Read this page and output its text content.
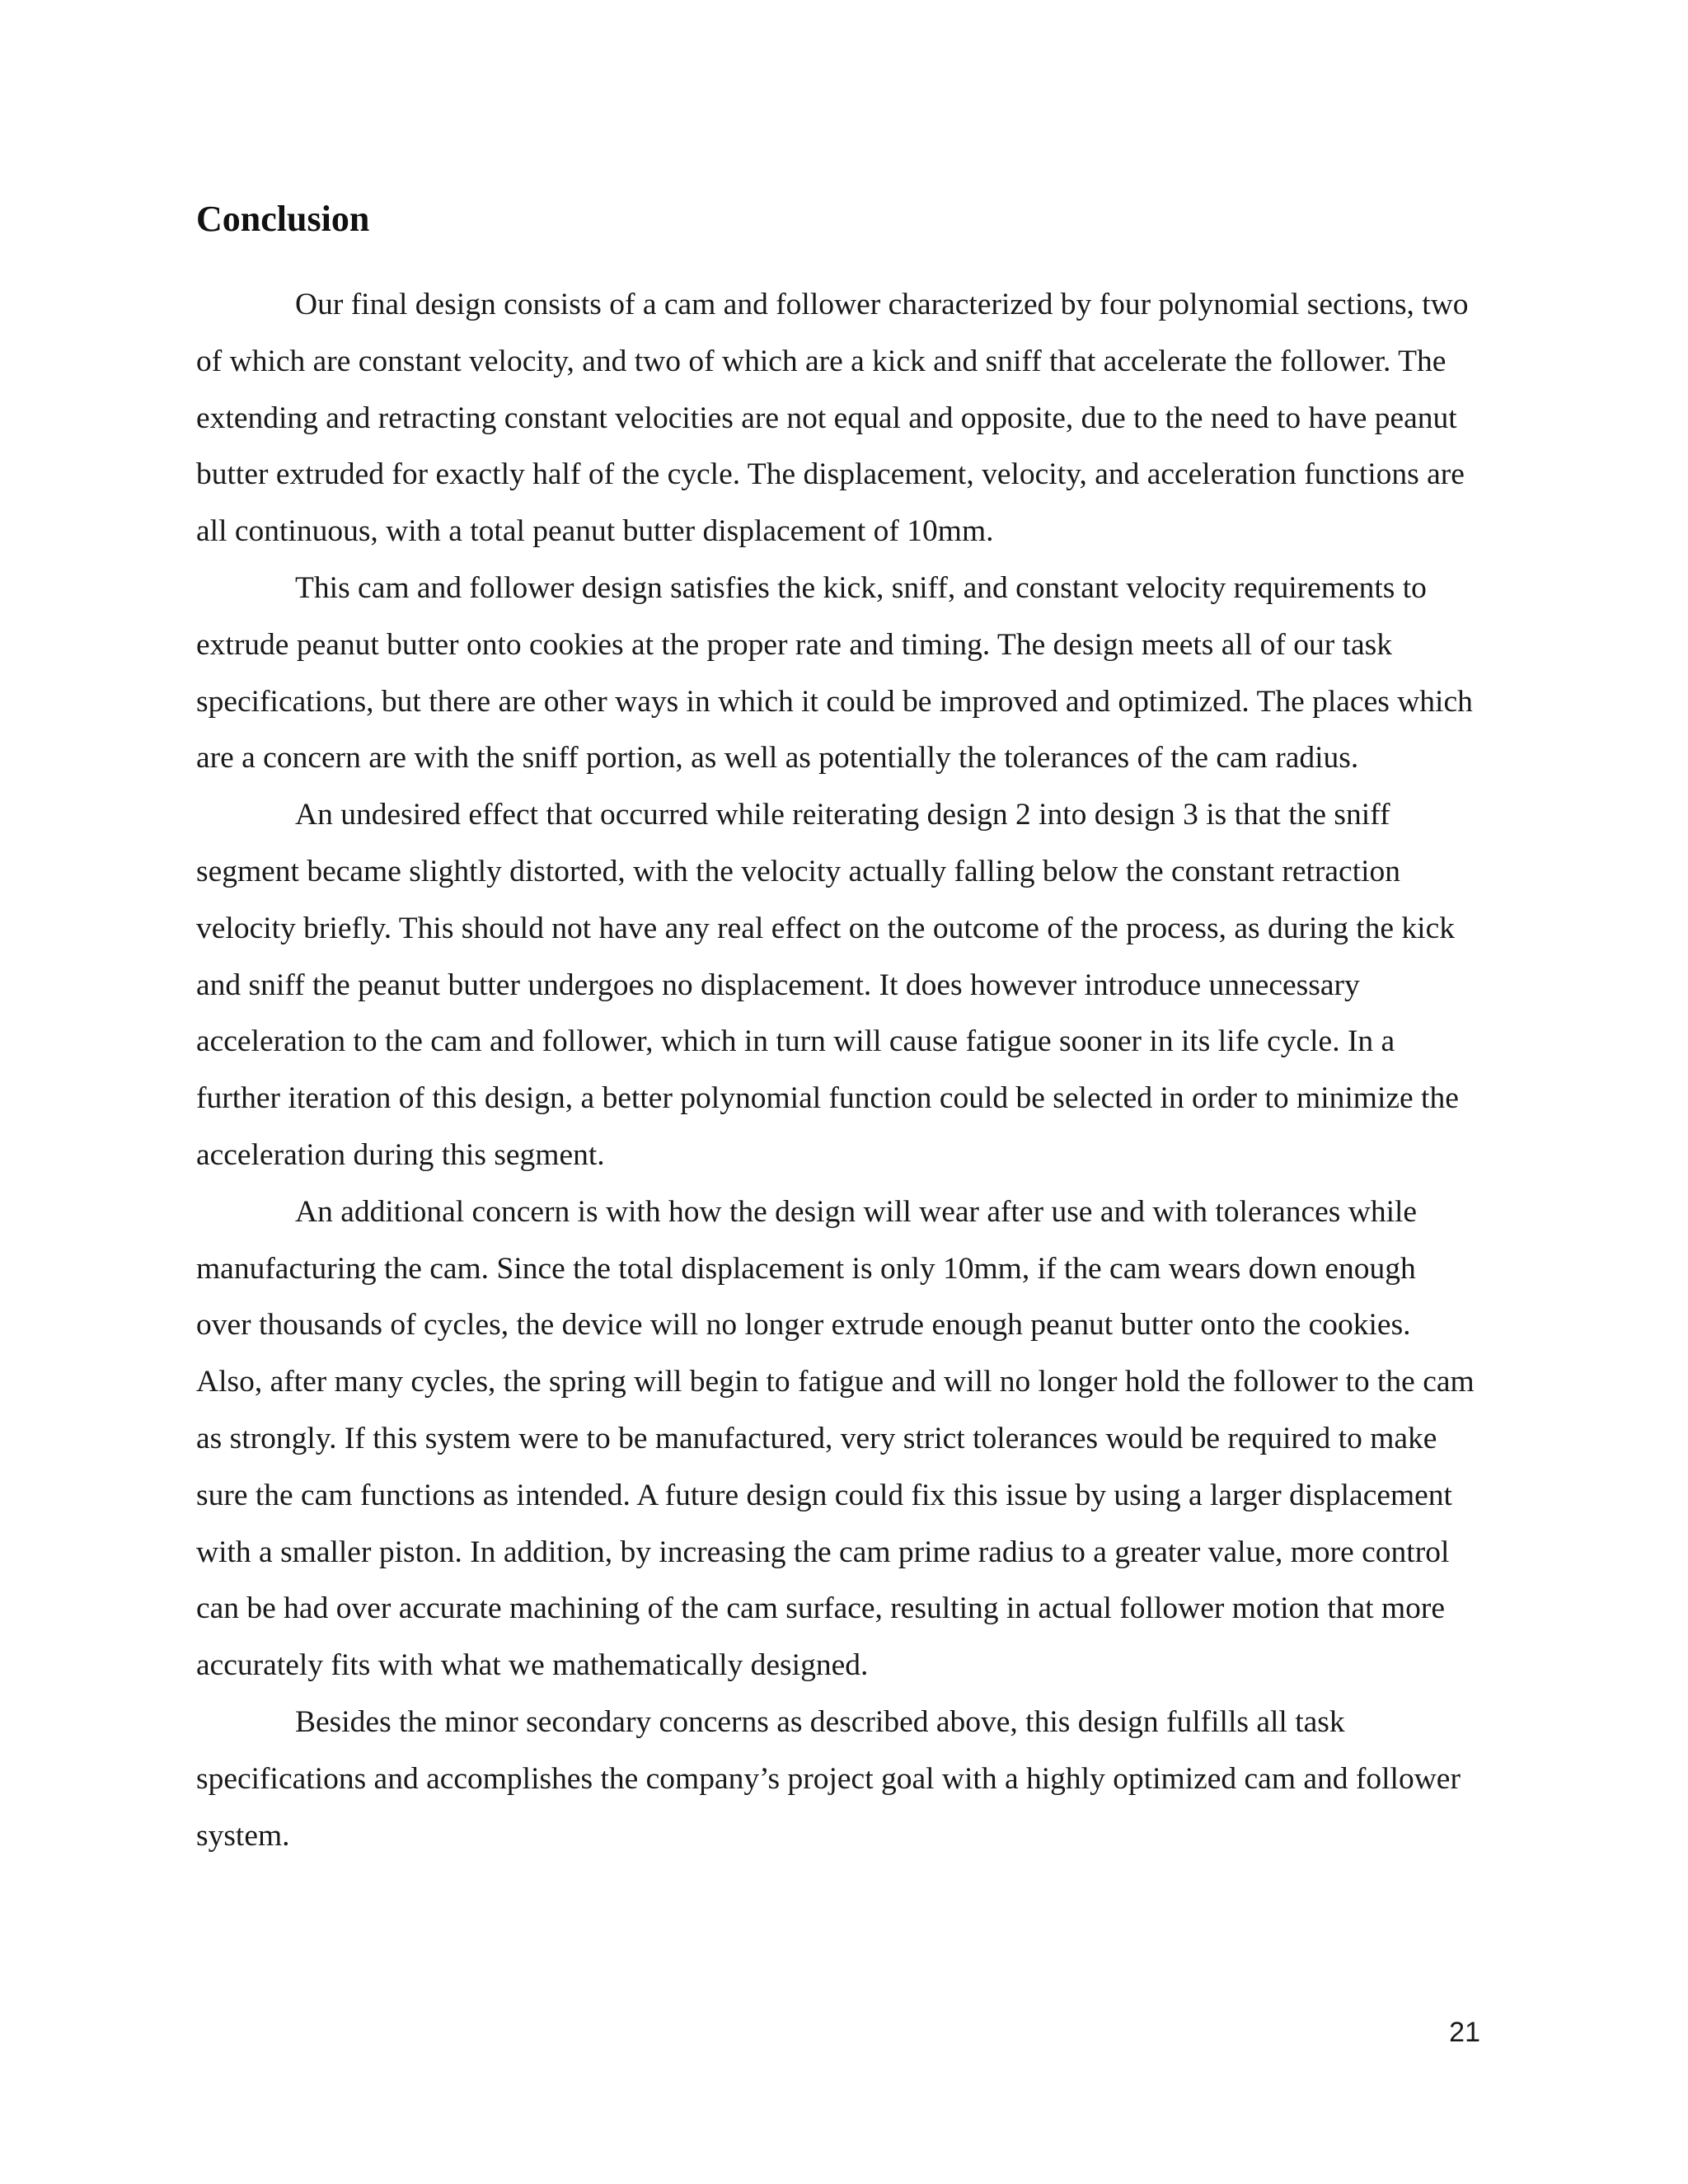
Conclusion

Our final design consists of a cam and follower characterized by four polynomial sections, two of which are constant velocity, and two of which are a kick and sniff that accelerate the follower. The extending and retracting constant velocities are not equal and opposite, due to the need to have peanut butter extruded for exactly half of the cycle. The displacement, velocity, and acceleration functions are all continuous, with a total peanut butter displacement of 10mm.

This cam and follower design satisfies the kick, sniff, and constant velocity requirements to extrude peanut butter onto cookies at the proper rate and timing. The design meets all of our task specifications, but there are other ways in which it could be improved and optimized. The places which are a concern are with the sniff portion, as well as potentially the tolerances of the cam radius.

An undesired effect that occurred while reiterating design 2 into design 3 is that the sniff segment became slightly distorted, with the velocity actually falling below the constant retraction velocity briefly. This should not have any real effect on the outcome of the process, as during the kick and sniff the peanut butter undergoes no displacement. It does however introduce unnecessary acceleration to the cam and follower, which in turn will cause fatigue sooner in its life cycle. In a further iteration of this design, a better polynomial function could be selected in order to minimize the acceleration during this segment.

An additional concern is with how the design will wear after use and with tolerances while manufacturing the cam. Since the total displacement is only 10mm, if the cam wears down enough over thousands of cycles, the device will no longer extrude enough peanut butter onto the cookies. Also, after many cycles, the spring will begin to fatigue and will no longer hold the follower to the cam as strongly. If this system were to be manufactured, very strict tolerances would be required to make sure the cam functions as intended. A future design could fix this issue by using a larger displacement with a smaller piston. In addition, by increasing the cam prime radius to a greater value, more control can be had over accurate machining of the cam surface, resulting in actual follower motion that more accurately fits with what we mathematically designed.

Besides the minor secondary concerns as described above, this design fulfills all task specifications and accomplishes the company’s project goal with a highly optimized cam and follower system.

21
